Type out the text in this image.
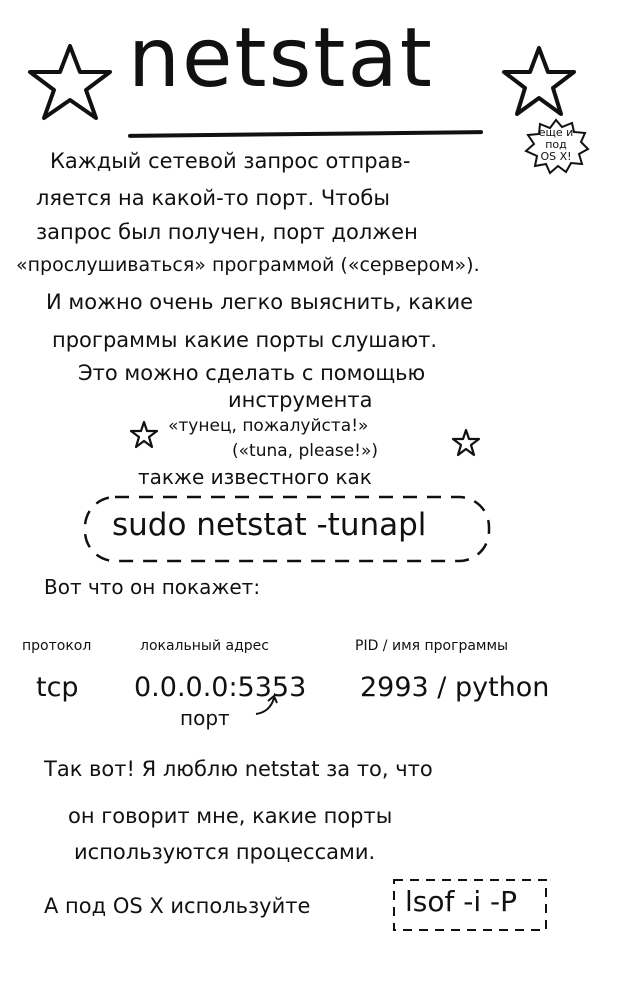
netstat
еще и
под
OS X!
Каждый сетевой запрос отправ-
ляется на какой-то порт. Чтобы
запрос был получен, порт должен
«прослушиваться» программой («сервером»).
И можно очень легко выяснить, какие
программы какие порты слушают.
Это можно сделать с помощью
инструмента
«тунец, пожалуйста!»
(«tuna, please!»)
также известного как
sudo netstat -tunapl
Вот что он покажет:
протокол	локальный адрес	PID / имя программы
tcp 0.0.0.0:5353 2993 / python
порт
Так вот! Я люблю netstat за то, что
он говорит мне, какие порты
используются процессами.
А под OS X используйте	lsof -i -P
